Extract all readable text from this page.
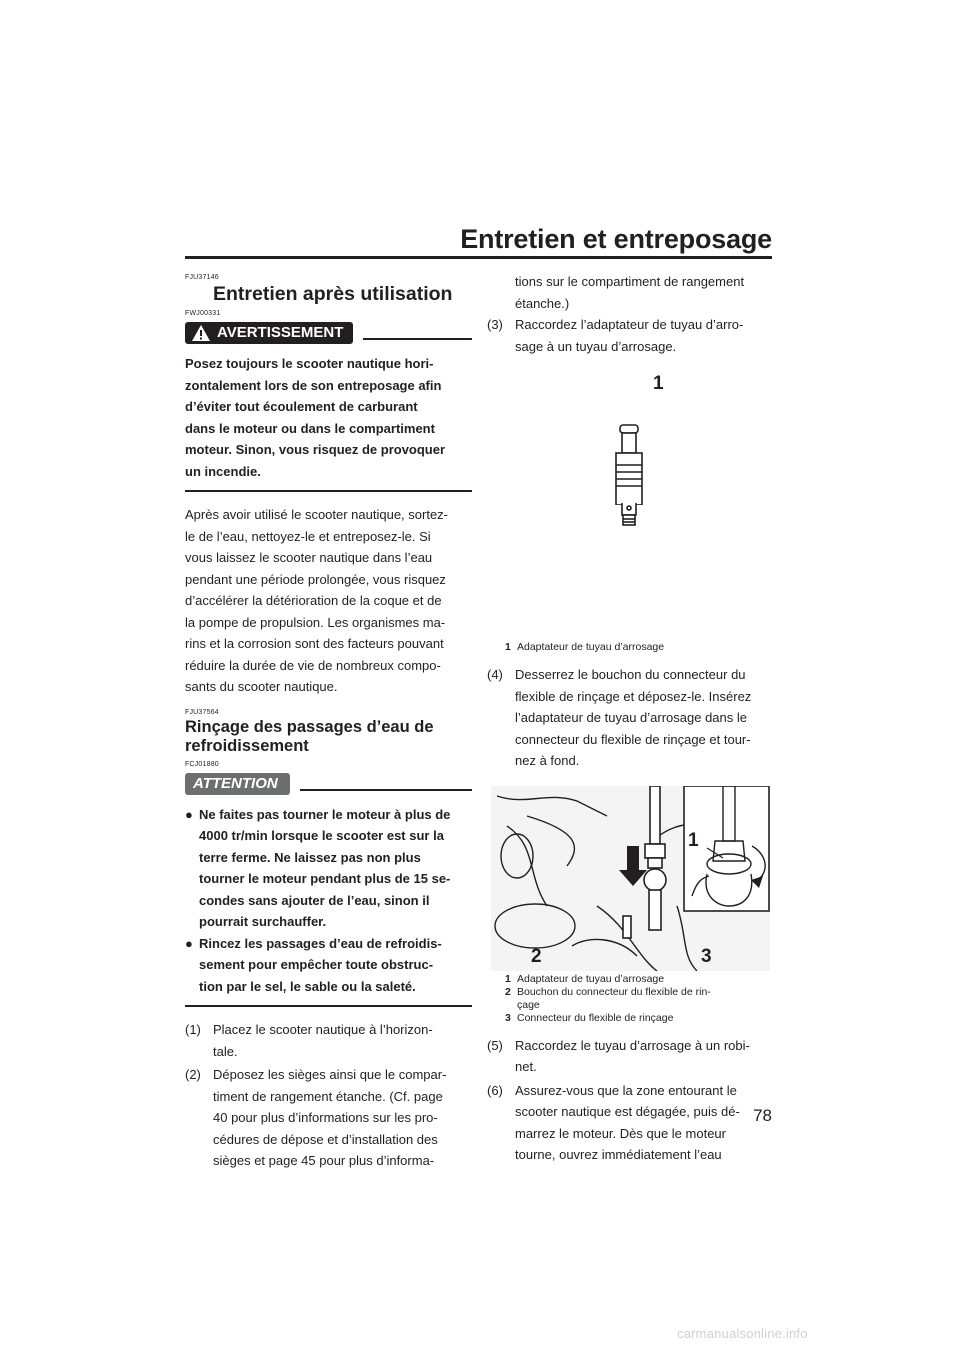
Entretien et entreposage
FJU37146
Entretien après utilisation
FWJ00331
AVERTISSEMENT
Posez toujours le scooter nautique hori-
zontalement lors de son entreposage afin
d’éviter tout écoulement de carburant
dans le moteur ou dans le compartiment
moteur. Sinon, vous risquez de provoquer
un incendie.
Après avoir utilisé le scooter nautique, sortez-
le de l’eau, nettoyez-le et entreposez-le. Si
vous laissez le scooter nautique dans l’eau
pendant une période prolongée, vous risquez
d’accélérer la détérioration de la coque et de
la pompe de propulsion. Les organismes ma-
rins et la corrosion sont des facteurs pouvant
réduire la durée de vie de nombreux compo-
sants du scooter nautique.
FJU37564
Rinçage des passages d’eau de
refroidissement
FCJ01880
ATTENTION
● Ne faites pas tourner le moteur à plus de
4000 tr/min lorsque le scooter est sur la
terre ferme. Ne laissez pas non plus
tourner le moteur pendant plus de 15 se-
condes sans ajouter de l’eau, sinon il
pourrait surchauffer.
● Rincez les passages d’eau de refroidis-
sement pour empêcher toute obstruc-
tion par le sel, le sable ou la saleté.
(1) Placez le scooter nautique à l’horizon-
tale.
(2) Déposez les sièges ainsi que le compar-
timent de rangement étanche. (Cf. page
40 pour plus d’informations sur les pro-
cédures de dépose et d’installation des
sièges et page 45 pour plus d’informa-
tions sur le compartiment de rangement
étanche.)
(3) Raccordez l’adaptateur de tuyau d’arro-
sage à un tuyau d’arrosage.
1
1 Adaptateur de tuyau d’arrosage
(4) Desserrez le bouchon du connecteur du
flexible de rinçage et déposez-le. Insérez
l’adaptateur de tuyau d’arrosage dans le
connecteur du flexible de rinçage et tour-
nez à fond.
1
2	3
1 Adaptateur de tuyau d’arrosage
2 Bouchon du connecteur du flexible de rin-
çage
3 Connecteur du flexible de rinçage
(5) Raccordez le tuyau d’arrosage à un robi-
net.
(6) Assurez-vous que la zone entourant le
scooter nautique est dégagée, puis dé-
marrez le moteur. Dès que le moteur
tourne, ouvrez immédiatement l’eau
78
carmanualsonline.info
